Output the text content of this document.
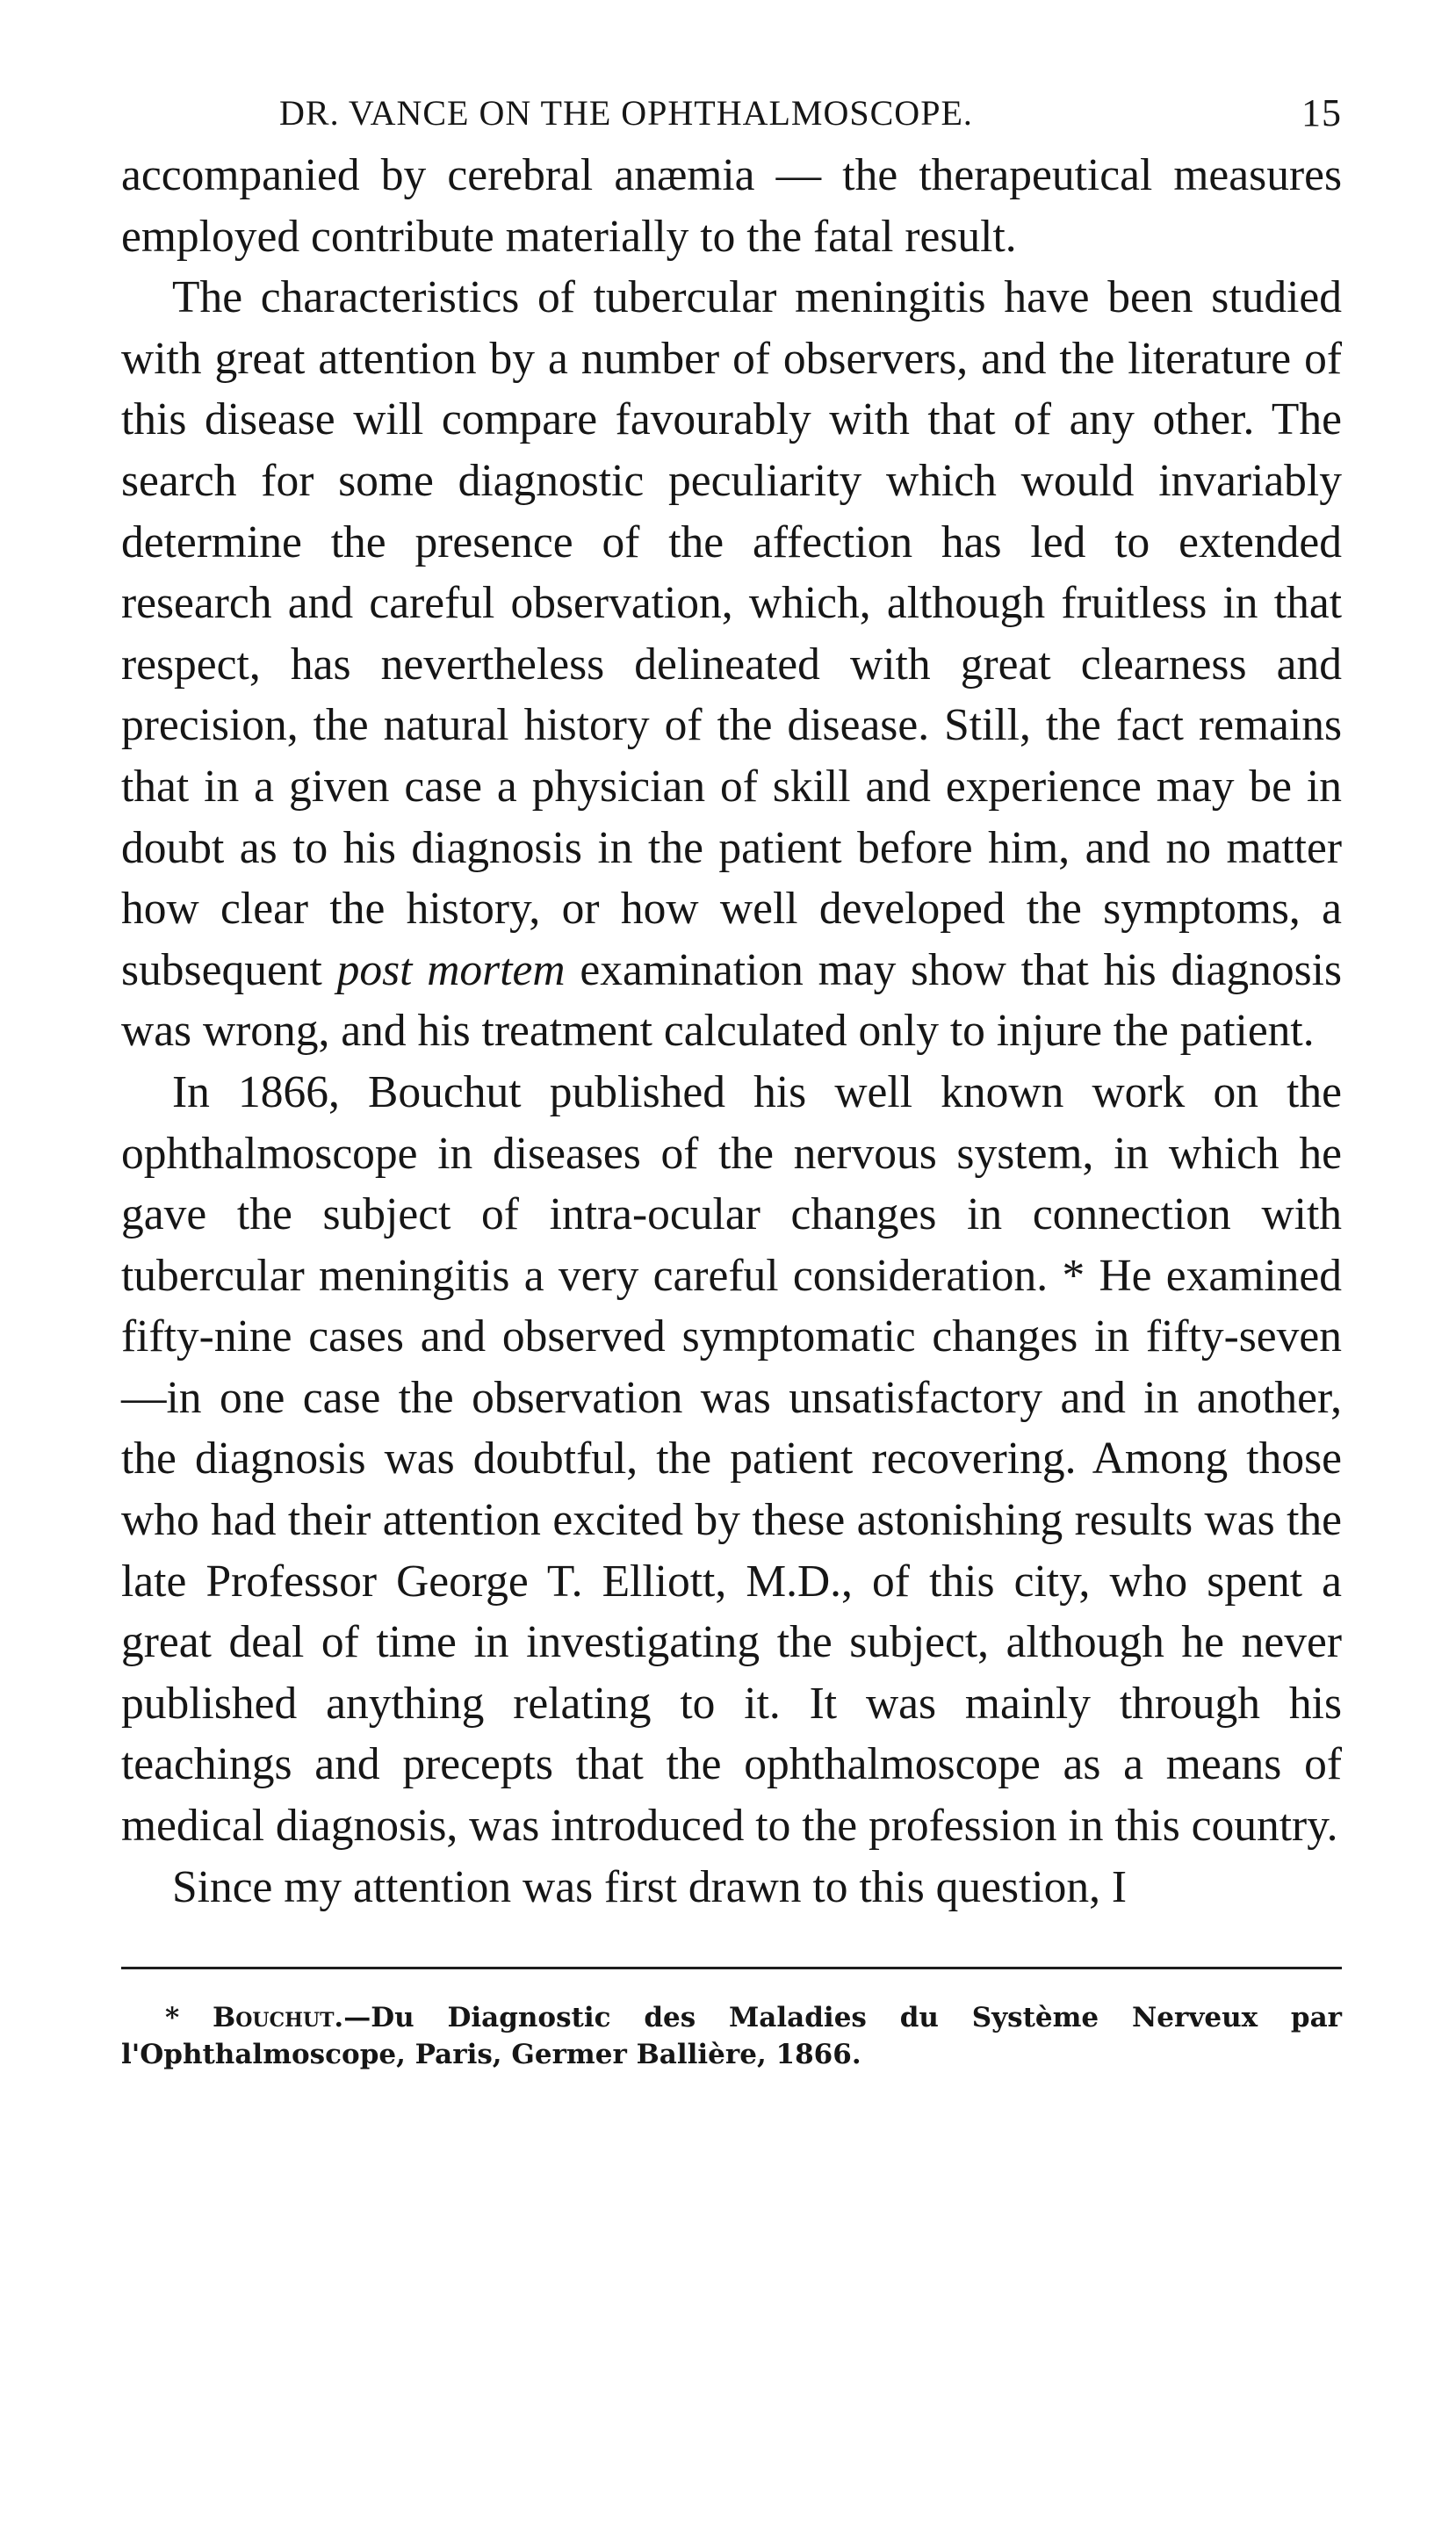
DR. VANCE ON THE OPHTHALMOSCOPE.	15

accompanied by cerebral anæmia — the therapeutical measures employed contribute materially to the fatal result.

The characteristics of tubercular meningitis have been studied with great attention by a number of observers, and the literature of this disease will compare favourably with that of any other. The search for some diagnostic peculiarity which would invariably determine the presence of the affection has led to extended research and careful observation, which, although fruitless in that respect, has nevertheless delineated with great clearness and precision, the natural history of the disease. Still, the fact remains that in a given case a physician of skill and experience may be in doubt as to his diagnosis in the patient before him, and no matter how clear the history, or how well developed the symptoms, a subsequent post mortem examination may show that his diagnosis was wrong, and his treatment calculated only to injure the patient.

In 1866, Bouchut published his well known work on the ophthalmoscope in diseases of the nervous system, in which he gave the subject of intra-ocular changes in connection with tubercular meningitis a very careful consideration. * He examined fifty-nine cases and observed symptomatic changes in fifty-seven—in one case the observation was unsatisfactory and in another, the diagnosis was doubtful, the patient recovering. Among those who had their attention excited by these astonishing results was the late Professor George T. Elliott, M.D., of this city, who spent a great deal of time in investigating the subject, although he never published anything relating to it. It was mainly through his teachings and precepts that the ophthalmoscope as a means of medical diagnosis, was introduced to the profession in this country.

Since my attention was first drawn to this question, I

* Bouchut.—Du Diagnostic des Maladies du Système Nerveux par l'Ophthalmoscope, Paris, Germer Ballière, 1866.
